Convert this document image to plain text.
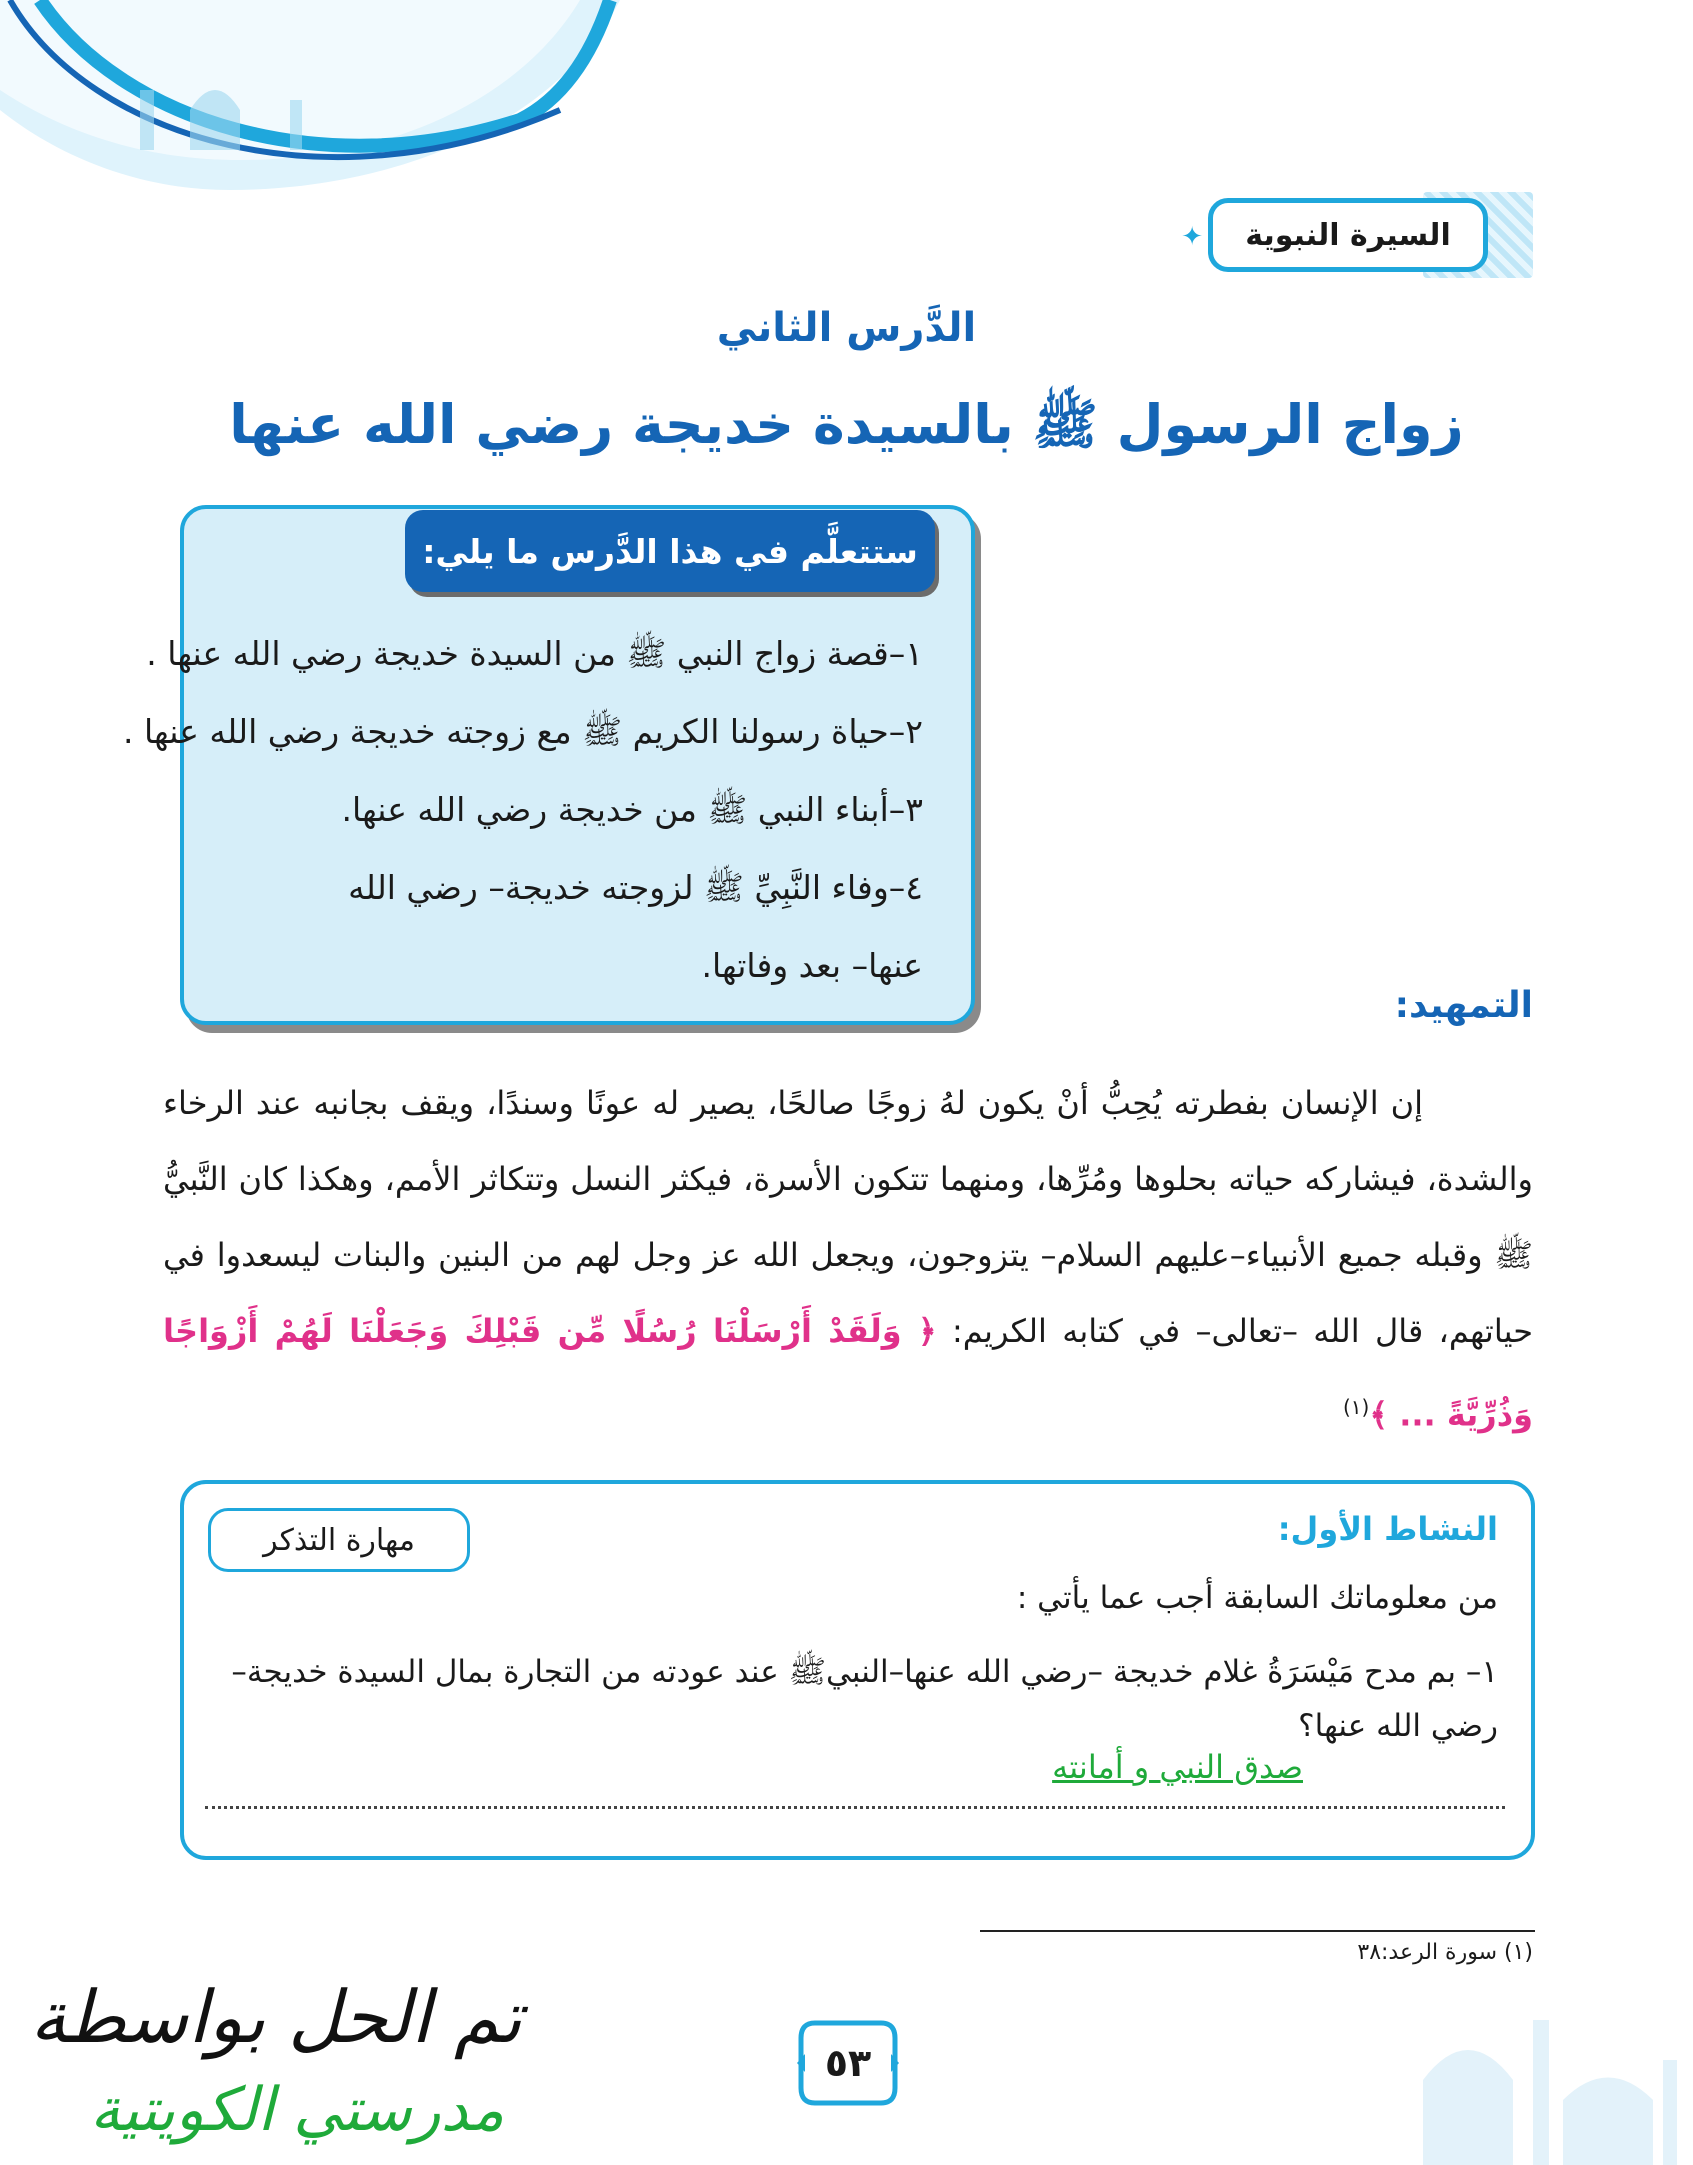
السيرة النبوية
✦
الدَّرس الثاني
زواج الرسول ﷺ بالسيدة خديجة رضي الله عنها
ستتعلَّم في هذا الدَّرس ما يلي:
١–قصة زواج النبي ﷺ من السيدة خديجة رضي الله عنها .
٢–حياة رسولنا الكريم ﷺ مع زوجته خديجة رضي الله عنها .
٣–أبناء النبي ﷺ من خديجة رضي الله عنها.
٤–وفاء النَّبِيِّ ﷺ لزوجته خديجة– رضي الله
عنها– بعد وفاتها.
التمهيد:

إن الإنسان بفطرته يُحِبُّ أنْ يكون لهُ زوجًا صالحًا، يصير له عونًا وسندًا، ويقف بجانبه عند الرخاء والشدة، فيشاركه حياته بحلوها ومُرِّها، ومنهما تتكون الأسرة، فيكثر النسل وتتكاثر الأمم، وهكذا كان النَّبيُّ ﷺ وقبله جميع الأنبياء–عليهم السلام– يتزوجون، ويجعل الله عز وجل لهم من البنين والبنات ليسعدوا في حياتهم، قال الله –تعالى– في كتابه الكريم: ﴿ وَلَقَدْ أَرْسَلْنَا رُسُلًا مِّن قَبْلِكَ وَجَعَلْنَا لَهُمْ أَزْوَاجًا وَذُرِّيَّةً ... ﴾$^{(١)}$

النشاط الأول:
مهارة التذكر
من معلوماتك السابقة أجب عما يأتي :
١– بم مدح مَيْسَرَةُ غلام خديجة –رضي الله عنها–النبيﷺ عند عودته من التجارة بمال السيدة خديجة– رضي الله عنها؟
صدق النبي و أمانته
(١) سورة الرعد:٣٨
تم الحل بواسطة
مدرستي الكويتية
٥٣
